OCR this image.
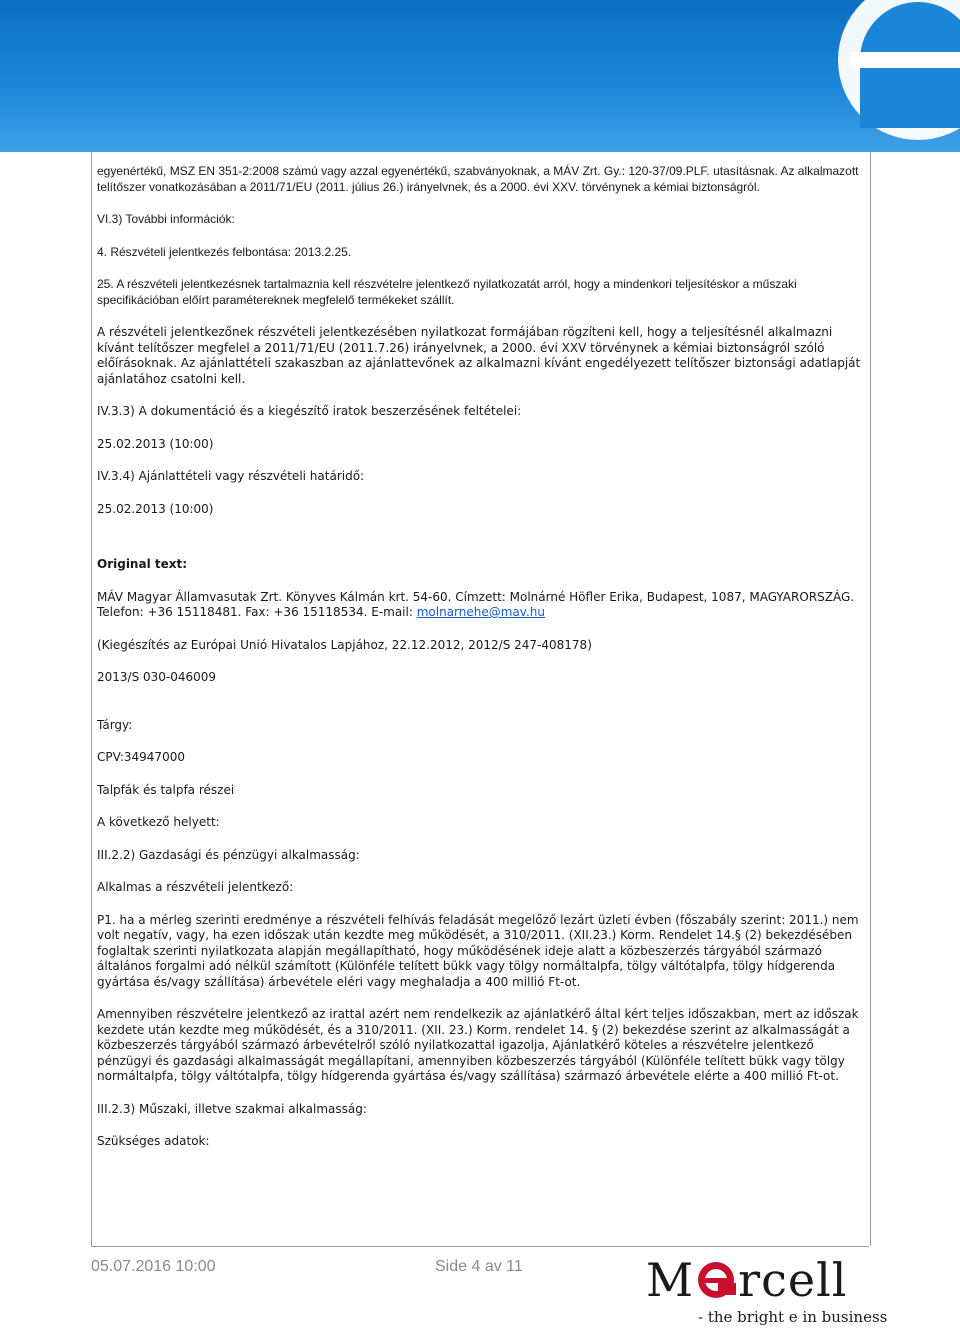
egyenértékű, MSZ EN 351-2:2008 számú vagy azzal egyenértékű, szabványoknak, a MÁV Zrt. Gy.: 120-37/09.PLF. utasításnak. Az alkalmazott telítőszer vonatkozásában a 2011/71/EU (2011. július 26.) irányelvnek, és a 2000. évi XXV. törvénynek a kémiai biztonságról.

VI.3) További információk:

4. Részvételi jelentkezés felbontása: 2013.2.25.

25. A részvételi jelentkezésnek tartalmaznia kell részvételre jelentkező nyilatkozatát arról, hogy a mindenkori teljesítéskor a műszaki specifikációban előírt paramétereknek megfelelő termékeket szállít.

A részvételi jelentkezőnek részvételi jelentkezésében nyilatkozat formájában rögzíteni kell, hogy a teljesítésnél alkalmazni kívánt telítőszer megfelel a 2011/71/EU (2011.7.26) irányelvnek, a 2000. évi XXV törvénynek a kémiai biztonságról szóló előírásoknak. Az ajánlattételi szakaszban az ajánlattevőnek az alkalmazni kívánt engedélyezett telítőszer biztonsági adatlapját ajánlatához csatolni kell.

IV.3.3) A dokumentáció és a kiegészítő iratok beszerzésének feltételei:

25.02.2013 (10:00)

IV.3.4) Ajánlattételi vagy részvételi határidő:

25.02.2013 (10:00)

Original text:

MÁV Magyar Államvasutak Zrt. Könyves Kálmán krt. 54-60. Címzett: Molnárné Höfler Erika, Budapest, 1087, MAGYARORSZÁG. Telefon: +36 15118481. Fax: +36 15118534. E-mail: molnarnehe@mav.hu

(Kiegészítés az Európai Unió Hivatalos Lapjához, 22.12.2012, 2012/S 247-408178)

2013/S 030-046009

Tárgy:

CPV:34947000

Talpfák és talpfa részei

A következő helyett:

III.2.2) Gazdasági és pénzügyi alkalmasság:

Alkalmas a részvételi jelentkező:

P1. ha a mérleg szerinti eredménye a részvételi felhívás feladását megelőző lezárt üzleti évben (főszabály szerint: 2011.) nem volt negatív, vagy, ha ezen időszak után kezdte meg működését, a 310/2011. (XII.23.) Korm. Rendelet 14.§ (2) bekezdésében foglaltak szerinti nyilatkozata alapján megállapítható, hogy működésének ideje alatt a közbeszerzés tárgyából származó általános forgalmi adó nélkül számított (Különféle telített bükk vagy tölgy normáltalpfa, tölgy váltótalpfa, tölgy hídgerenda gyártása és/vagy szállítása) árbevétele eléri vagy meghaladja a 400 millió Ft-ot.

Amennyiben részvételre jelentkező az irattal azért nem rendelkezik az ajánlatkérő által kért teljes időszakban, mert az időszak kezdete után kezdte meg működését, és a 310/2011. (XII. 23.) Korm. rendelet 14. § (2) bekezdése szerint az alkalmasságát a közbeszerzés tárgyából származó árbevételről szóló nyilatkozattal igazolja, Ajánlatkérő köteles a részvételre jelentkező pénzügyi és gazdasági alkalmasságát megállapítani, amennyiben közbeszerzés tárgyából (Különféle telített bükk vagy tölgy normáltalpfa, tölgy váltótalpfa, tölgy hídgerenda gyártása és/vagy szállítása) származó árbevétele elérte a 400 millió Ft-ot.

III.2.3) Műszaki, illetve szakmai alkalmasság:

Szükséges adatok:

05.07.2016 10:00	Side 4 av 11	M rcell
- the bright e in business
